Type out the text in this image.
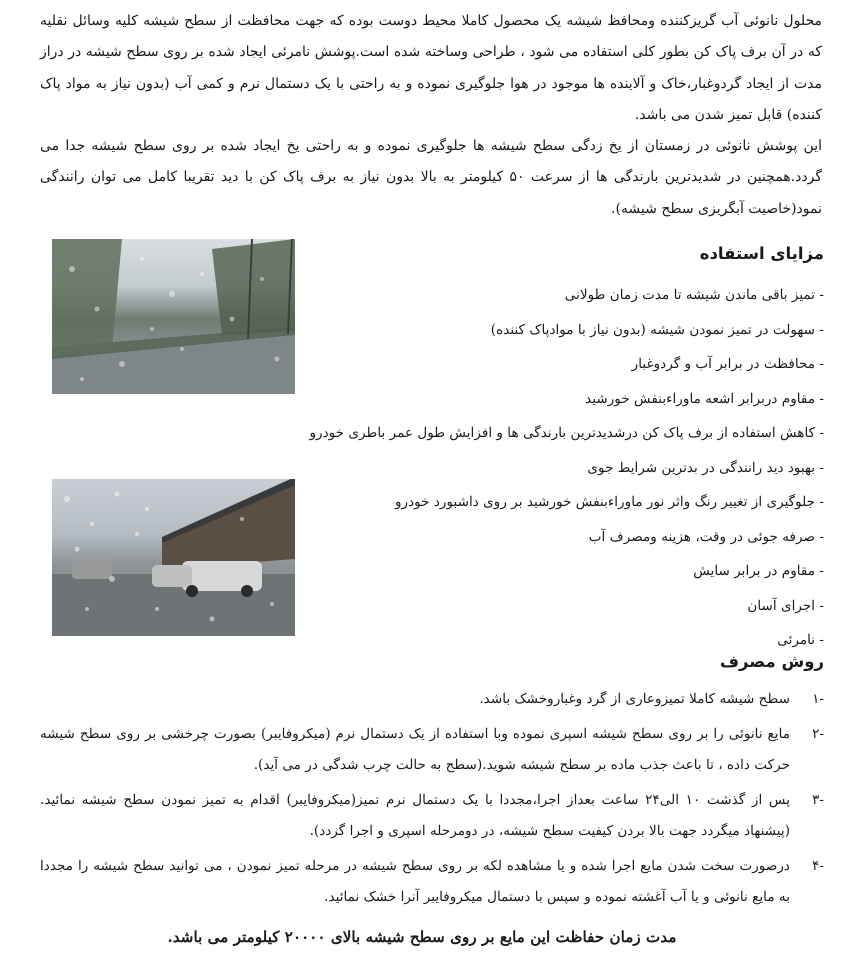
محلول نانوئی آب گریزکننده ومحافظ شیشه یک محصول کاملا محیط دوست بوده که جهت محافظت از سطح شیشه کلیه وسائل نقلیه که در آن برف پاک کن بطور کلی استفاده می شود ، طراحی وساخته شده است.پوشش نامرئی ایجاد شده بر روی سطح شیشه در دراز مدت از ایجاد گردوغبار،خاک و آلاینده ها موجود در هوا جلوگیری نموده و به راحتی با یک دستمال نرم و کمی آب (بدون نیاز به مواد پاک کننده) قابل تمیز شدن می باشد.

این پوشش نانوئی در زمستان از یخ زدگی سطح شیشه ها جلوگیری نموده و به راحتی یخ ایجاد شده بر روی سطح شیشه جدا می گردد.همچنین در شدیدترین بارندگی ها از سرعت ۵۰ کیلومتر به بالا بدون نیاز به برف پاک کن با دید تقریبا کامل می توان رانندگی نمود(خاصیت آبگریزی سطح شیشه).

مزایای استفاده
- تمیز باقی ماندن شیشه تا مدت زمان طولانی
- سهولت در تمیز نمودن شیشه (بدون نیاز با موادپاک کننده)
- محافظت در برابر آب و گردوغبار
- مقاوم دربرابر اشعه ماوراءبنفش خورشید
- کاهش استفاده از برف پاک کن درشدیدترین بارندگی ها و افزایش طول عمر باطری خودرو
- بهبود دید رانندگی در بدترین شرایط جوی
- جلوگیری از تغییر رنگ واثر نور ماوراءبنفش خورشید بر روی داشبورد خودرو
- صرفه جوئی در وقت، هزینه ومصرف آب
- مقاوم در برابر سایش
- اجرای آسان
- نامرئی
روش مصرف
-۱
سطح شیشه کاملا تمیزوعاری از گرد وغباروخشک باشد.
-۲
مایع نانوئی را بر روی سطح شیشه اسپری نموده وبا استفاده از یک دستمال نرم (میکروفایبر) بصورت چرخشی بر روی سطح شیشه حرکت داده ، تا باعث جذب ماده بر سطح شیشه شوید.(سطح به حالت چرب شدگی در می آید).
-۳
پس از گذشت ۱۰ الی۲۴ ساعت بعداز اجرا،مجددا با یک دستمال نرم تمیز(میکروفایبر) اقدام به تمیز نمودن سطح شیشه نمائید.(پیشنهاد میگردد جهت بالا بردن کیفیت سطح شیشه، در دومرحله اسپری و اجرا گردد).
-۴
درصورت سخت شدن مایع اجرا شده و یا مشاهده لکه بر روی سطح شیشه در مرحله تمیز نمودن ، می توانید سطح شیشه را مجددا به مایع نانوئی و یا آب آغشته نموده و سپس با دستمال میکروفایبر آنرا خشک نمائید.
مدت زمان حفاظت این مایع بر روی سطح شیشه بالای ۲۰۰۰۰ کیلومتر می باشد.
